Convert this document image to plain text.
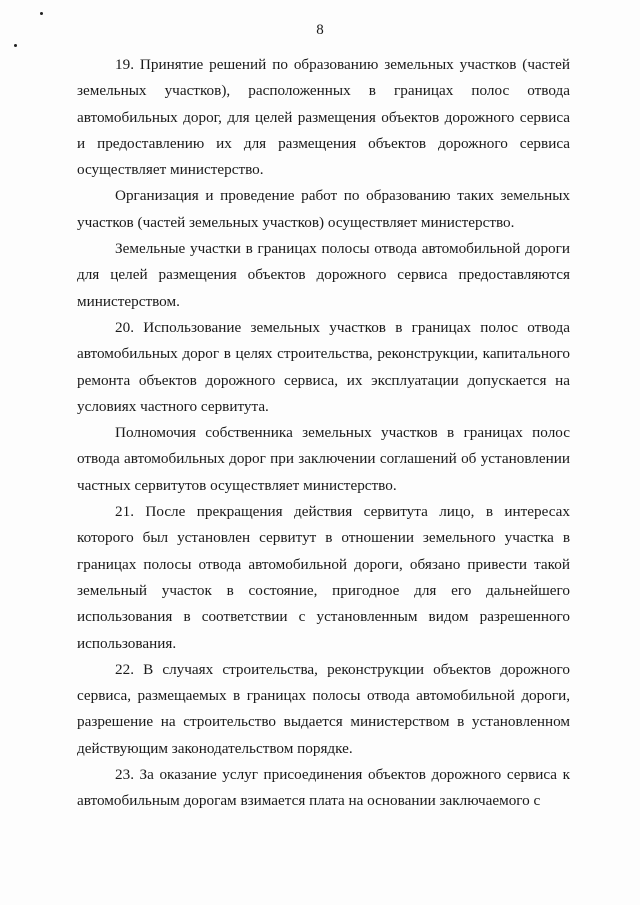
8

19. Принятие решений по образованию земельных участков (частей земельных участков), расположенных в границах полос отвода автомобильных дорог, для целей размещения объектов дорожного сервиса и предоставлению их для размещения объектов дорожного сервиса осуществляет министерство.

Организация и проведение работ по образованию таких земельных участков (частей земельных участков) осуществляет министерство.

Земельные участки в границах полосы отвода автомобильной дороги для целей размещения объектов дорожного сервиса предоставляются министерством.

20. Использование земельных участков в границах полос отвода автомобильных дорог в целях строительства, реконструкции, капитального ремонта объектов дорожного сервиса, их эксплуатации допускается на условиях частного сервитута.

Полномочия собственника земельных участков в границах полос отвода автомобильных дорог при заключении соглашений об установлении частных сервитутов осуществляет министерство.

21. После прекращения действия сервитута лицо, в интересах которого был установлен сервитут в отношении земельного участка в границах полосы отвода автомобильной дороги, обязано привести такой земельный участок в состояние, пригодное для его дальнейшего использования в соответствии с установленным видом разрешенного использования.

22. В случаях строительства, реконструкции объектов дорожного сервиса, размещаемых в границах полосы отвода автомобильной дороги, разрешение на строительство выдается министерством в установленном действующим законодательством порядке.

23. За оказание услуг присоединения объектов дорожного сервиса к автомобильным дорогам взимается плата на основании заключаемого с
